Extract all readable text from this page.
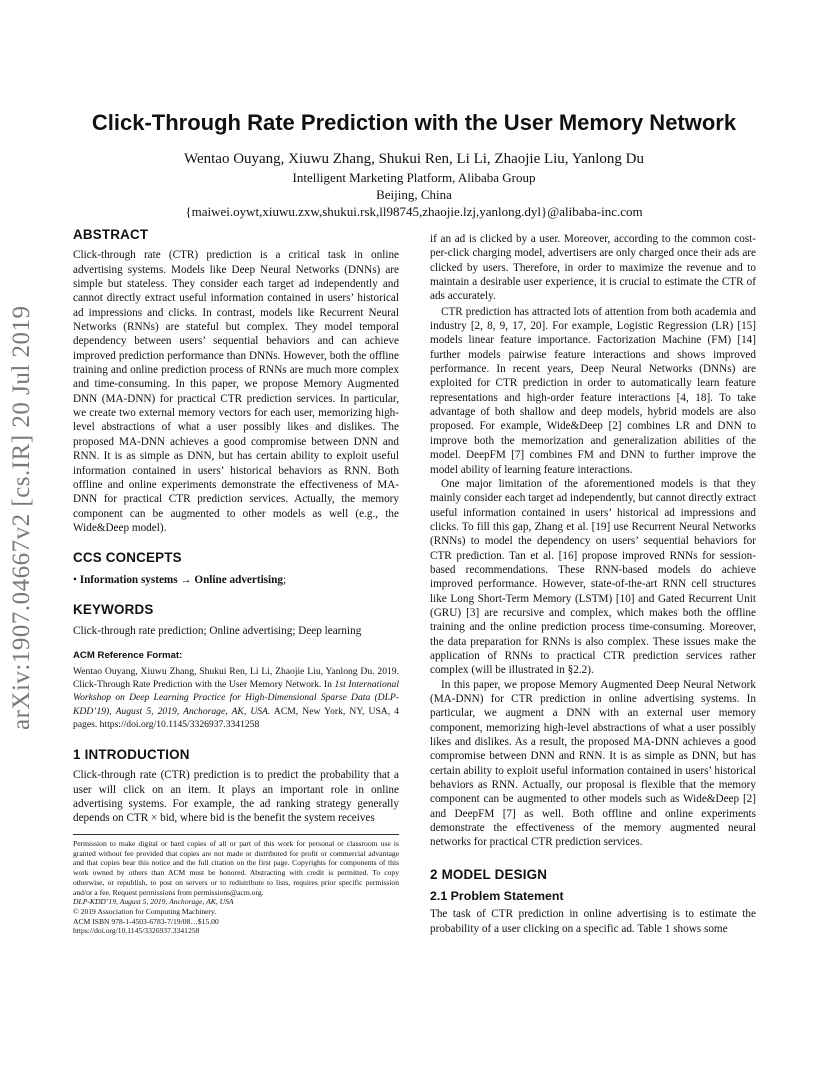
arXiv:1907.04667v2 [cs.IR] 20 Jul 2019
Click-Through Rate Prediction with the User Memory Network
Wentao Ouyang, Xiuwu Zhang, Shukui Ren, Li Li, Zhaojie Liu, Yanlong Du
Intelligent Marketing Platform, Alibaba Group
Beijing, China
{maiwei.oywt,xiuwu.zxw,shukui.rsk,ll98745,zhaojie.lzj,yanlong.dyl}@alibaba-inc.com
ABSTRACT

Click-through rate (CTR) prediction is a critical task in online advertising systems. Models like Deep Neural Networks (DNNs) are simple but stateless. They consider each target ad independently and cannot directly extract useful information contained in users’ historical ad impressions and clicks. In contrast, models like Recurrent Neural Networks (RNNs) are stateful but complex. They model temporal dependency between users’ sequential behaviors and can achieve improved prediction performance than DNNs. However, both the offline training and online prediction process of RNNs are much more complex and time-consuming. In this paper, we propose Memory Augmented DNN (MA-DNN) for practical CTR prediction services. In particular, we create two external memory vectors for each user, memorizing high-level abstractions of what a user possibly likes and dislikes. The proposed MA-DNN achieves a good compromise between DNN and RNN. It is as simple as DNN, but has certain ability to exploit useful information contained in users’ historical behaviors as RNN. Both offline and online experiments demonstrate the effectiveness of MA-DNN for practical CTR prediction services. Actually, the memory component can be augmented to other models as well (e.g., the Wide&Deep model).

CCS CONCEPTS

• Information systems → Online advertising;

KEYWORDS

Click-through rate prediction; Online advertising; Deep learning

ACM Reference Format:

Wentao Ouyang, Xiuwu Zhang, Shukui Ren, Li Li, Zhaojie Liu, Yanlong Du. 2019. Click-Through Rate Prediction with the User Memory Network. In 1st International Workshop on Deep Learning Practice for High-Dimensional Sparse Data (DLP-KDD’19), August 5, 2019, Anchorage, AK, USA. ACM, New York, NY, USA, 4 pages. https://doi.org/10.1145/3326937.3341258

1 INTRODUCTION

Click-through rate (CTR) prediction is to predict the probability that a user will click on an item. It plays an important role in online advertising systems. For example, the ad ranking strategy generally depends on CTR × bid, where bid is the benefit the system receives

Permission to make digital or hard copies of all or part of this work for personal or classroom use is granted without fee provided that copies are not made or distributed for profit or commercial advantage and that copies bear this notice and the full citation on the first page. Copyrights for components of this work owned by others than ACM must be honored. Abstracting with credit is permitted. To copy otherwise, or republish, to post on servers or to redistribute to lists, requires prior specific permission and/or a fee. Request permissions from permissions@acm.org.

DLP-KDD’19, August 5, 2019, Anchorage, AK, USA

© 2019 Association for Computing Machinery.

ACM ISBN 978-1-4503-6783-7/19/08…$15.00

https://doi.org/10.1145/3326937.3341258

if an ad is clicked by a user. Moreover, according to the common cost-per-click charging model, advertisers are only charged once their ads are clicked by users. Therefore, in order to maximize the revenue and to maintain a desirable user experience, it is crucial to estimate the CTR of ads accurately.

CTR prediction has attracted lots of attention from both academia and industry [2, 8, 9, 17, 20]. For example, Logistic Regression (LR) [15] models linear feature importance. Factorization Machine (FM) [14] further models pairwise feature interactions and shows improved performance. In recent years, Deep Neural Networks (DNNs) are exploited for CTR prediction in order to automatically learn feature representations and high-order feature interactions [4, 18]. To take advantage of both shallow and deep models, hybrid models are also proposed. For example, Wide&Deep [2] combines LR and DNN to improve both the memorization and generalization abilities of the model. DeepFM [7] combines FM and DNN to further improve the model ability of learning feature interactions.

One major limitation of the aforementioned models is that they mainly consider each target ad independently, but cannot directly extract useful information contained in users’ historical ad impressions and clicks. To fill this gap, Zhang et al. [19] use Recurrent Neural Networks (RNNs) to model the dependency on users’ sequential behaviors for CTR prediction. Tan et al. [16] propose improved RNNs for session-based recommendations. These RNN-based models do achieve improved performance. However, state-of-the-art RNN cell structures like Long Short-Term Memory (LSTM) [10] and Gated Recurrent Unit (GRU) [3] are recursive and complex, which makes both the offline training and the online prediction process time-consuming. Moreover, the data preparation for RNNs is also complex. These issues make the application of RNNs to practical CTR prediction services rather complex (will be illustrated in §2.2).

In this paper, we propose Memory Augmented Deep Neural Network (MA-DNN) for CTR prediction in online advertising systems. In particular, we augment a DNN with an external user memory component, memorizing high-level abstractions of what a user possibly likes and dislikes. As a result, the proposed MA-DNN achieves a good compromise between DNN and RNN. It is as simple as DNN, but has certain ability to exploit useful information contained in users’ historical behaviors as RNN. Actually, our proposal is flexible that the memory component can be augmented to other models such as Wide&Deep [2] and DeepFM [7] as well. Both offline and online experiments demonstrate the effectiveness of the memory augmented neural networks for practical CTR prediction services.

2 MODEL DESIGN
2.1 Problem Statement

The task of CTR prediction in online advertising is to estimate the probability of a user clicking on a specific ad. Table 1 shows some
